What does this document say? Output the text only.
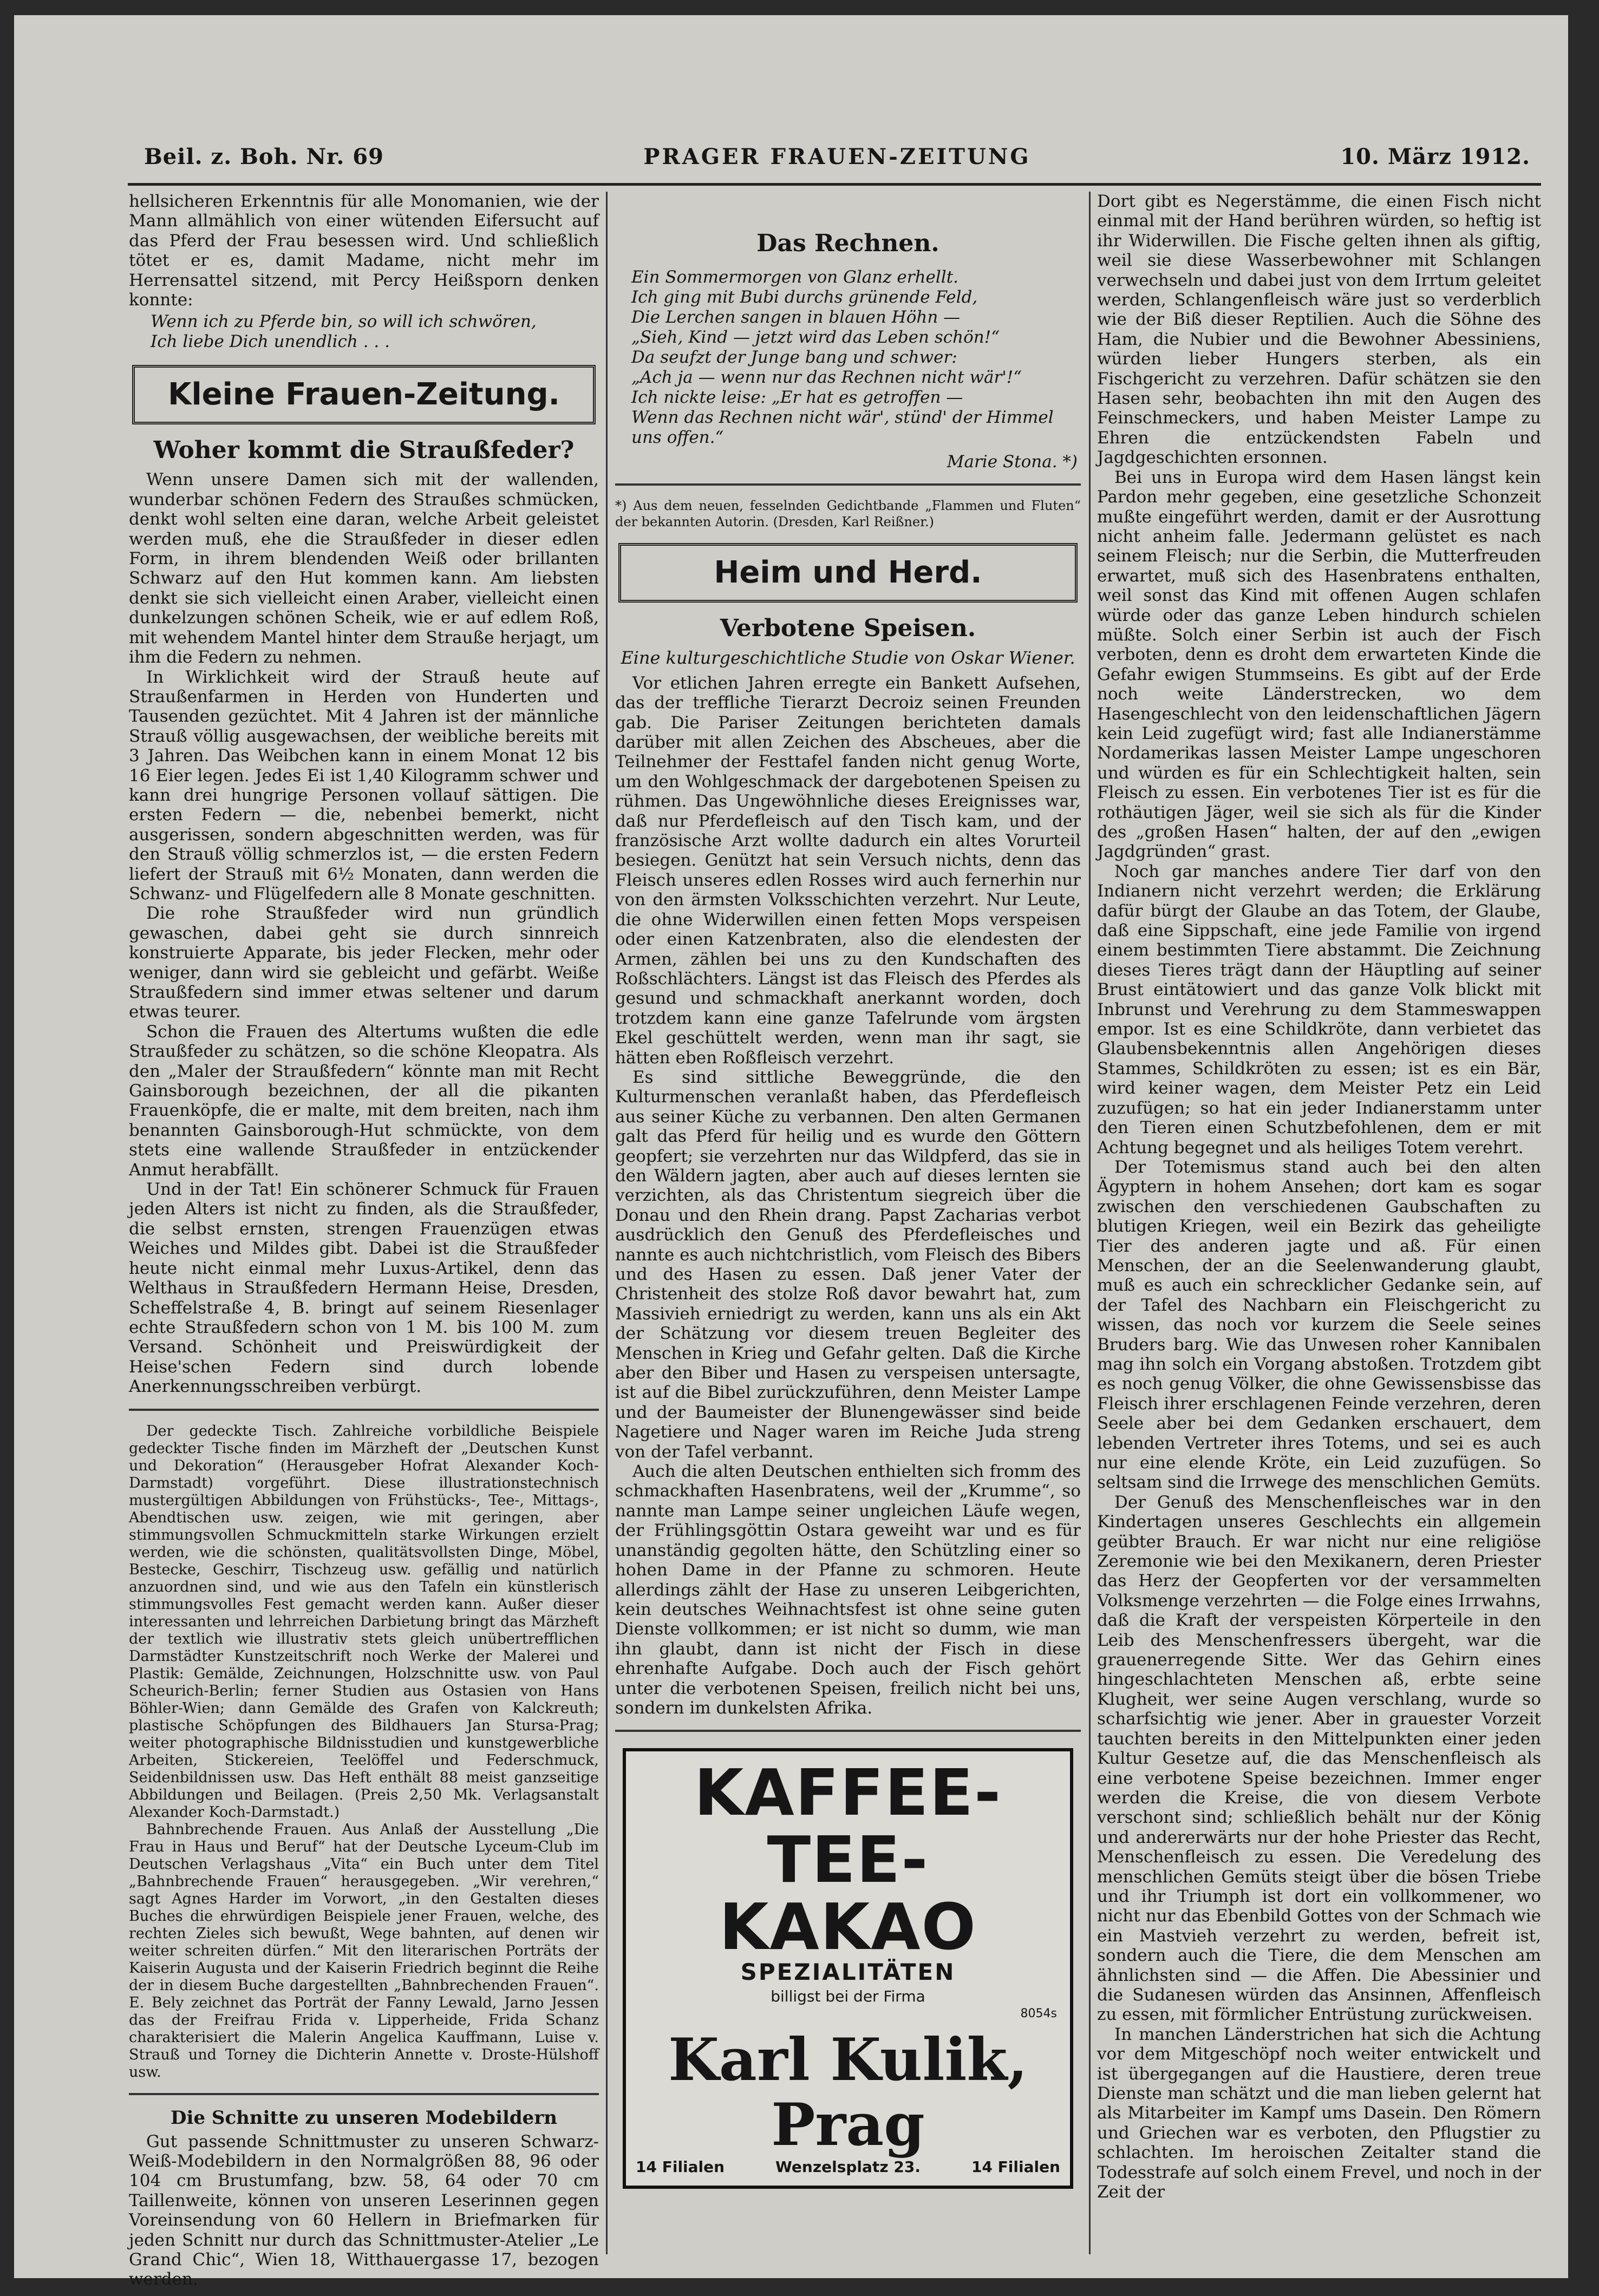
Beil. z. Boh. Nr. 69	PRAGER FRAUEN-ZEITUNG	10. März 1912.

hellsicheren Erkenntnis für alle Monomanien, wie der Mann allmählich von einer wütenden Eifersucht auf das Pferd der Frau besessen wird. Und schließlich tötet er es, damit Madame, nicht mehr im Herrensattel sitzend, mit Percy Heißsporn denken konnte:

Wenn ich zu Pferde bin, so will ich schwören,
Ich liebe Dich unendlich . . .
Kleine Frauen-Zeitung.
Woher kommt die Straußfeder?

Wenn unsere Damen sich mit der wallenden, wunderbar schönen Federn des Straußes schmücken, denkt wohl selten eine daran, welche Arbeit geleistet werden muß, ehe die Straußfeder in dieser edlen Form, in ihrem blendenden Weiß oder brillanten Schwarz auf den Hut kommen kann. Am liebsten denkt sie sich vielleicht einen Araber, vielleicht einen dunkelzungen schönen Scheik, wie er auf edlem Roß, mit wehendem Mantel hinter dem Strauße herjagt, um ihm die Federn zu nehmen.

In Wirklichkeit wird der Strauß heute auf Straußenfarmen in Herden von Hunderten und Tausenden gezüchtet. Mit 4 Jahren ist der männliche Strauß völlig ausgewachsen, der weibliche bereits mit 3 Jahren. Das Weibchen kann in einem Monat 12 bis 16 Eier legen. Jedes Ei ist 1,40 Kilogramm schwer und kann drei hungrige Personen vollauf sättigen. Die ersten Federn — die, nebenbei bemerkt, nicht ausgerissen, sondern abgeschnitten werden, was für den Strauß völlig schmerzlos ist, — die ersten Federn liefert der Strauß mit 6½ Monaten, dann werden die Schwanz- und Flügelfedern alle 8 Monate geschnitten.

Die rohe Straußfeder wird nun gründlich gewaschen, dabei geht sie durch sinnreich konstruierte Apparate, bis jeder Flecken, mehr oder weniger, dann wird sie gebleicht und gefärbt. Weiße Straußfedern sind immer etwas seltener und darum etwas teurer.

Schon die Frauen des Altertums wußten die edle Straußfeder zu schätzen, so die schöne Kleopatra. Als den „Maler der Straußfedern“ könnte man mit Recht Gainsborough bezeichnen, der all die pikanten Frauenköpfe, die er malte, mit dem breiten, nach ihm benannten Gainsborough-Hut schmückte, von dem stets eine wallende Straußfeder in entzückender Anmut herabfällt.

Und in der Tat! Ein schönerer Schmuck für Frauen jeden Alters ist nicht zu finden, als die Straußfeder, die selbst ernsten, strengen Frauenzügen etwas Weiches und Mildes gibt. Dabei ist die Straußfeder heute nicht einmal mehr Luxus-Artikel, denn das Welthaus in Straußfedern Hermann Heise, Dresden, Scheffelstraße 4, B. bringt auf seinem Riesenlager echte Straußfedern schon von 1 M. bis 100 M. zum Versand. Schönheit und Preiswürdigkeit der Heise'schen Federn sind durch lobende Anerkennungsschreiben verbürgt.

Der gedeckte Tisch. Zahlreiche vorbildliche Beispiele gedeckter Tische finden im Märzheft der „Deutschen Kunst und Dekoration“ (Herausgeber Hofrat Alexander Koch-Darmstadt) vorgeführt. Diese illustrationstechnisch mustergültigen Abbildungen von Frühstücks-, Tee-, Mittags-, Abendtischen usw. zeigen, wie mit geringen, aber stimmungsvollen Schmuckmitteln starke Wirkungen erzielt werden, wie die schönsten, qualitätsvollsten Dinge, Möbel, Bestecke, Geschirr, Tischzeug usw. gefällig und natürlich anzuordnen sind, und wie aus den Tafeln ein künstlerisch stimmungsvolles Fest gemacht werden kann. Außer dieser interessanten und lehrreichen Darbietung bringt das Märzheft der textlich wie illustrativ stets gleich unübertrefflichen Darmstädter Kunstzeitschrift noch Werke der Malerei und Plastik: Gemälde, Zeichnungen, Holzschnitte usw. von Paul Scheurich-Berlin; ferner Studien aus Ostasien von Hans Böhler-Wien; dann Gemälde des Grafen von Kalckreuth; plastische Schöpfungen des Bildhauers Jan Stursa-Prag; weiter photographische Bildnisstudien und kunstgewerbliche Arbeiten, Stickereien, Teelöffel und Federschmuck, Seidenbildnissen usw. Das Heft enthält 88 meist ganzseitige Abbildungen und Beilagen. (Preis 2,50 Mk. Verlagsanstalt Alexander Koch-Darmstadt.)

Bahnbrechende Frauen. Aus Anlaß der Ausstellung „Die Frau in Haus und Beruf“ hat der Deutsche Lyceum-Club im Deutschen Verlagshaus „Vita“ ein Buch unter dem Titel „Bahnbrechende Frauen“ herausgegeben. „Wir verehren,“ sagt Agnes Harder im Vorwort, „in den Gestalten dieses Buches die ehrwürdigen Beispiele jener Frauen, welche, des rechten Zieles sich bewußt, Wege bahnten, auf denen wir weiter schreiten dürfen.“ Mit den literarischen Porträts der Kaiserin Augusta und der Kaiserin Friedrich beginnt die Reihe der in diesem Buche dargestellten „Bahnbrechenden Frauen“. E. Bely zeichnet das Porträt der Fanny Lewald, Jarno Jessen das der Freifrau Frida v. Lipperheide, Frida Schanz charakterisiert die Malerin Angelica Kauffmann, Luise v. Strauß und Torney die Dichterin Annette v. Droste-Hülshoff usw.

Die Schnitte zu unseren Modebildern

Gut passende Schnittmuster zu unseren Schwarz-Weiß-Modebildern in den Normalgrößen 88, 96 oder 104 cm Brustumfang, bzw. 58, 64 oder 70 cm Taillenweite, können von unseren Leserinnen gegen Voreinsendung von 60 Hellern in Briefmarken für jeden Schnitt nur durch das Schnittmuster-Atelier „Le Grand Chic“, Wien 18, Witthauergasse 17, bezogen werden.

Das Rechnen.
Ein Sommermorgen von Glanz erhellt.
Ich ging mit Bubi durchs grünende Feld,
Die Lerchen sangen in blauen Höhn —
„Sieh, Kind — jetzt wird das Leben schön!“
Da seufzt der Junge bang und schwer:
„Ach ja — wenn nur das Rechnen nicht wär'!“
Ich nickte leise: „Er hat es getroffen —
Wenn das Rechnen nicht wär', stünd' der Himmel uns offen.“
Marie Stona. *)

*) Aus dem neuen, fesselnden Gedichtbande „Flammen und Fluten“ der bekannten Autorin. (Dresden, Karl Reißner.)

Heim und Herd.
Verbotene Speisen.
Eine kulturgeschichtliche Studie von Oskar Wiener.

Vor etlichen Jahren erregte ein Bankett Aufsehen, das der treffliche Tierarzt Decroiz seinen Freunden gab. Die Pariser Zeitungen berichteten damals darüber mit allen Zeichen des Abscheues, aber die Teilnehmer der Festtafel fanden nicht genug Worte, um den Wohlgeschmack der dargebotenen Speisen zu rühmen. Das Ungewöhnliche dieses Ereignisses war, daß nur Pferdefleisch auf den Tisch kam, und der französische Arzt wollte dadurch ein altes Vorurteil besiegen. Genützt hat sein Versuch nichts, denn das Fleisch unseres edlen Rosses wird auch fernerhin nur von den ärmsten Volksschichten verzehrt. Nur Leute, die ohne Widerwillen einen fetten Mops verspeisen oder einen Katzenbraten, also die elendesten der Armen, zählen bei uns zu den Kundschaften des Roßschlächters. Längst ist das Fleisch des Pferdes als gesund und schmackhaft anerkannt worden, doch trotzdem kann eine ganze Tafelrunde vom ärgsten Ekel geschüttelt werden, wenn man ihr sagt, sie hätten eben Roßfleisch verzehrt.

Es sind sittliche Beweggründe, die den Kulturmenschen veranlaßt haben, das Pferdefleisch aus seiner Küche zu verbannen. Den alten Germanen galt das Pferd für heilig und es wurde den Göttern geopfert; sie verzehrten nur das Wildpferd, das sie in den Wäldern jagten, aber auch auf dieses lernten sie verzichten, als das Christentum siegreich über die Donau und den Rhein drang. Papst Zacharias verbot ausdrücklich den Genuß des Pferdefleisches und nannte es auch nichtchristlich, vom Fleisch des Bibers und des Hasen zu essen. Daß jener Vater der Christenheit des stolze Roß davor bewahrt hat, zum Massivieh erniedrigt zu werden, kann uns als ein Akt der Schätzung vor diesem treuen Begleiter des Menschen in Krieg und Gefahr gelten. Daß die Kirche aber den Biber und Hasen zu verspeisen untersagte, ist auf die Bibel zurückzuführen, denn Meister Lampe und der Baumeister der Blunengewässer sind beide Nagetiere und Nager waren im Reiche Juda streng von der Tafel verbannt.

Auch die alten Deutschen enthielten sich fromm des schmackhaften Hasenbratens, weil der „Krumme“, so nannte man Lampe seiner ungleichen Läufe wegen, der Frühlingsgöttin Ostara geweiht war und es für unanständig gegolten hätte, den Schützling einer so hohen Dame in der Pfanne zu schmoren. Heute allerdings zählt der Hase zu unseren Leibgerichten, kein deutsches Weihnachtsfest ist ohne seine guten Dienste vollkommen; er ist nicht so dumm, wie man ihn glaubt, dann ist nicht der Fisch in diese ehrenhafte Aufgabe. Doch auch der Fisch gehört unter die verbotenen Speisen, freilich nicht bei uns, sondern im dunkelsten Afrika.

KAFFEE-
TEE-
KAKAO
SPEZIALITÄTEN
billigst bei der Firma
8054s
Karl Kulik, Prag
14 Filialen	Wenzelsplatz 23.	14 Filialen

Dort gibt es Negerstämme, die einen Fisch nicht einmal mit der Hand berühren würden, so heftig ist ihr Widerwillen. Die Fische gelten ihnen als giftig, weil sie diese Wasserbewohner mit Schlangen verwechseln und dabei just von dem Irrtum geleitet werden, Schlangenfleisch wäre just so verderblich wie der Biß dieser Reptilien. Auch die Söhne des Ham, die Nubier und die Bewohner Abessiniens, würden lieber Hungers sterben, als ein Fischgericht zu verzehren. Dafür schätzen sie den Hasen sehr, beobachten ihn mit den Augen des Feinschmeckers, und haben Meister Lampe zu Ehren die entzückendsten Fabeln und Jagdgeschichten ersonnen.

Bei uns in Europa wird dem Hasen längst kein Pardon mehr gegeben, eine gesetzliche Schonzeit mußte eingeführt werden, damit er der Ausrottung nicht anheim falle. Jedermann gelüstet es nach seinem Fleisch; nur die Serbin, die Mutterfreuden erwartet, muß sich des Hasenbratens enthalten, weil sonst das Kind mit offenen Augen schlafen würde oder das ganze Leben hindurch schielen müßte. Solch einer Serbin ist auch der Fisch verboten, denn es droht dem erwarteten Kinde die Gefahr ewigen Stummseins. Es gibt auf der Erde noch weite Länderstrecken, wo dem Hasengeschlecht von den leidenschaftlichen Jägern kein Leid zugefügt wird; fast alle Indianerstämme Nordamerikas lassen Meister Lampe ungeschoren und würden es für ein Schlechtigkeit halten, sein Fleisch zu essen. Ein verbotenes Tier ist es für die rothäutigen Jäger, weil sie sich als für die Kinder des „großen Hasen“ halten, der auf den „ewigen Jagdgründen“ grast.

Noch gar manches andere Tier darf von den Indianern nicht verzehrt werden; die Erklärung dafür bürgt der Glaube an das Totem, der Glaube, daß eine Sippschaft, eine jede Familie von irgend einem bestimmten Tiere abstammt. Die Zeichnung dieses Tieres trägt dann der Häuptling auf seiner Brust eintätowiert und das ganze Volk blickt mit Inbrunst und Verehrung zu dem Stammeswappen empor. Ist es eine Schildkröte, dann verbietet das Glaubensbekenntnis allen Angehörigen dieses Stammes, Schildkröten zu essen; ist es ein Bär, wird keiner wagen, dem Meister Petz ein Leid zuzufügen; so hat ein jeder Indianerstamm unter den Tieren einen Schutzbefohlenen, dem er mit Achtung begegnet und als heiliges Totem verehrt.

Der Totemismus stand auch bei den alten Ägyptern in hohem Ansehen; dort kam es sogar zwischen den verschiedenen Gaubschaften zu blutigen Kriegen, weil ein Bezirk das geheiligte Tier des anderen jagte und aß. Für einen Menschen, der an die Seelenwanderung glaubt, muß es auch ein schrecklicher Gedanke sein, auf der Tafel des Nachbarn ein Fleischgericht zu wissen, das noch vor kurzem die Seele seines Bruders barg. Wie das Unwesen roher Kannibalen mag ihn solch ein Vorgang abstoßen. Trotzdem gibt es noch genug Völker, die ohne Gewissensbisse das Fleisch ihrer erschlagenen Feinde verzehren, deren Seele aber bei dem Gedanken erschauert, dem lebenden Vertreter ihres Totems, und sei es auch nur eine elende Kröte, ein Leid zuzufügen. So seltsam sind die Irrwege des menschlichen Gemüts.

Der Genuß des Menschenfleisches war in den Kindertagen unseres Geschlechts ein allgemein geübter Brauch. Er war nicht nur eine religiöse Zeremonie wie bei den Mexikanern, deren Priester das Herz der Geopferten vor der versammelten Volksmenge verzehrten — die Folge eines Irrwahns, daß die Kraft der verspeisten Körperteile in den Leib des Menschenfressers übergeht, war die grauenerregende Sitte. Wer das Gehirn eines hingeschlachteten Menschen aß, erbte seine Klugheit, wer seine Augen verschlang, wurde so scharfsichtig wie jener. Aber in grauester Vorzeit tauchten bereits in den Mittelpunkten einer jeden Kultur Gesetze auf, die das Menschenfleisch als eine verbotene Speise bezeichnen. Immer enger werden die Kreise, die von diesem Verbote verschont sind; schließlich behält nur der König und andererwärts nur der hohe Priester das Recht, Menschenfleisch zu essen. Die Veredelung des menschlichen Gemüts steigt über die bösen Triebe und ihr Triumph ist dort ein vollkommener, wo nicht nur das Ebenbild Gottes von der Schmach wie ein Mastvieh verzehrt zu werden, befreit ist, sondern auch die Tiere, die dem Menschen am ähnlichsten sind — die Affen. Die Abessinier und die Sudanesen würden das Ansinnen, Affenfleisch zu essen, mit förmlicher Entrüstung zurückweisen.

In manchen Länderstrichen hat sich die Achtung vor dem Mitgeschöpf noch weiter entwickelt und ist übergegangen auf die Haustiere, deren treue Dienste man schätzt und die man lieben gelernt hat als Mitarbeiter im Kampf ums Dasein. Den Römern und Griechen war es verboten, den Pflugstier zu schlachten. Im heroischen Zeitalter stand die Todesstrafe auf solch einem Frevel, und noch in der Zeit der
